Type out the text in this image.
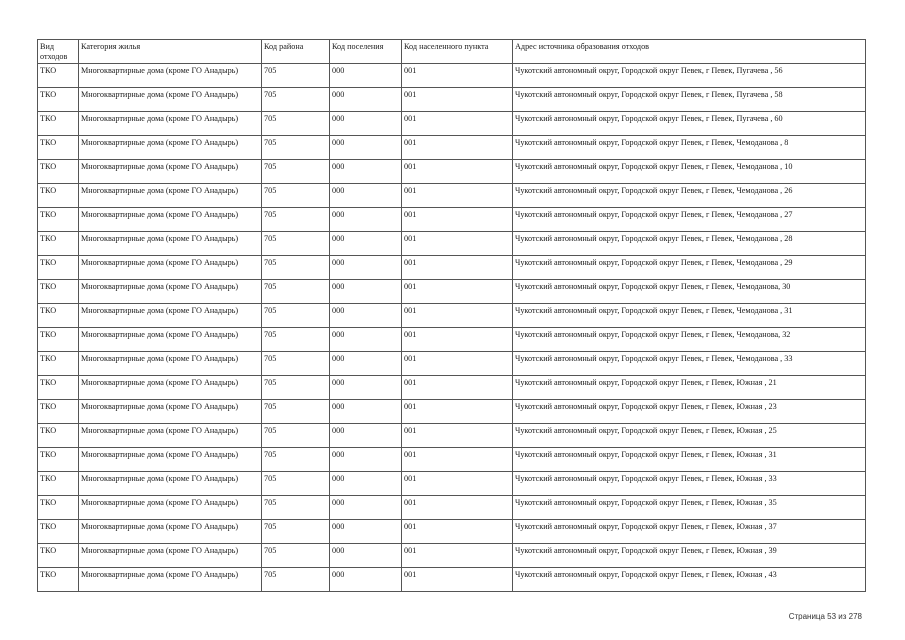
Вид отходов	Категория жилья	Код района	Код поселения	Код населенного пункта	Адрес источника образования отходов
ТКО	Многоквартирные дома (кроме ГО Анадырь)	705	000	001	Чукотский автономный округ, Городской округ Певек, г Певек, Пугачева , 56
ТКО	Многоквартирные дома (кроме ГО Анадырь)	705	000	001	Чукотский автономный округ, Городской округ Певек, г Певек, Пугачева , 58
ТКО	Многоквартирные дома (кроме ГО Анадырь)	705	000	001	Чукотский автономный округ, Городской округ Певек, г Певек, Пугачева , 60
ТКО	Многоквартирные дома (кроме ГО Анадырь)	705	000	001	Чукотский автономный округ, Городской округ Певек, г Певек, Чемоданова , 8
ТКО	Многоквартирные дома (кроме ГО Анадырь)	705	000	001	Чукотский автономный округ, Городской округ Певек, г Певек, Чемоданова , 10
ТКО	Многоквартирные дома (кроме ГО Анадырь)	705	000	001	Чукотский автономный округ, Городской округ Певек, г Певек, Чемоданова , 26
ТКО	Многоквартирные дома (кроме ГО Анадырь)	705	000	001	Чукотский автономный округ, Городской округ Певек, г Певек, Чемоданова , 27
ТКО	Многоквартирные дома (кроме ГО Анадырь)	705	000	001	Чукотский автономный округ, Городской округ Певек, г Певек, Чемоданова , 28
ТКО	Многоквартирные дома (кроме ГО Анадырь)	705	000	001	Чукотский автономный округ, Городской округ Певек, г Певек, Чемоданова , 29
ТКО	Многоквартирные дома (кроме ГО Анадырь)	705	000	001	Чукотский автономный округ, Городской округ Певек, г Певек, Чемоданова, 30
ТКО	Многоквартирные дома (кроме ГО Анадырь)	705	000	001	Чукотский автономный округ, Городской округ Певек, г Певек, Чемоданова , 31
ТКО	Многоквартирные дома (кроме ГО Анадырь)	705	000	001	Чукотский автономный округ, Городской округ Певек, г Певек, Чемоданова, 32
ТКО	Многоквартирные дома (кроме ГО Анадырь)	705	000	001	Чукотский автономный округ, Городской округ Певек, г Певек, Чемоданова , 33
ТКО	Многоквартирные дома (кроме ГО Анадырь)	705	000	001	Чукотский автономный округ, Городской округ Певек, г Певек, Южная , 21
ТКО	Многоквартирные дома (кроме ГО Анадырь)	705	000	001	Чукотский автономный округ, Городской округ Певек, г Певек, Южная , 23
ТКО	Многоквартирные дома (кроме ГО Анадырь)	705	000	001	Чукотский автономный округ, Городской округ Певек, г Певек, Южная , 25
ТКО	Многоквартирные дома (кроме ГО Анадырь)	705	000	001	Чукотский автономный округ, Городской округ Певек, г Певек, Южная , 31
ТКО	Многоквартирные дома (кроме ГО Анадырь)	705	000	001	Чукотский автономный округ, Городской округ Певек, г Певек, Южная , 33
ТКО	Многоквартирные дома (кроме ГО Анадырь)	705	000	001	Чукотский автономный округ, Городской округ Певек, г Певек, Южная , 35
ТКО	Многоквартирные дома (кроме ГО Анадырь)	705	000	001	Чукотский автономный округ, Городской округ Певек, г Певек, Южная , 37
ТКО	Многоквартирные дома (кроме ГО Анадырь)	705	000	001	Чукотский автономный округ, Городской округ Певек, г Певек, Южная , 39
ТКО	Многоквартирные дома (кроме ГО Анадырь)	705	000	001	Чукотский автономный округ, Городской округ Певек, г Певек, Южная , 43
Страница 53 из 278
